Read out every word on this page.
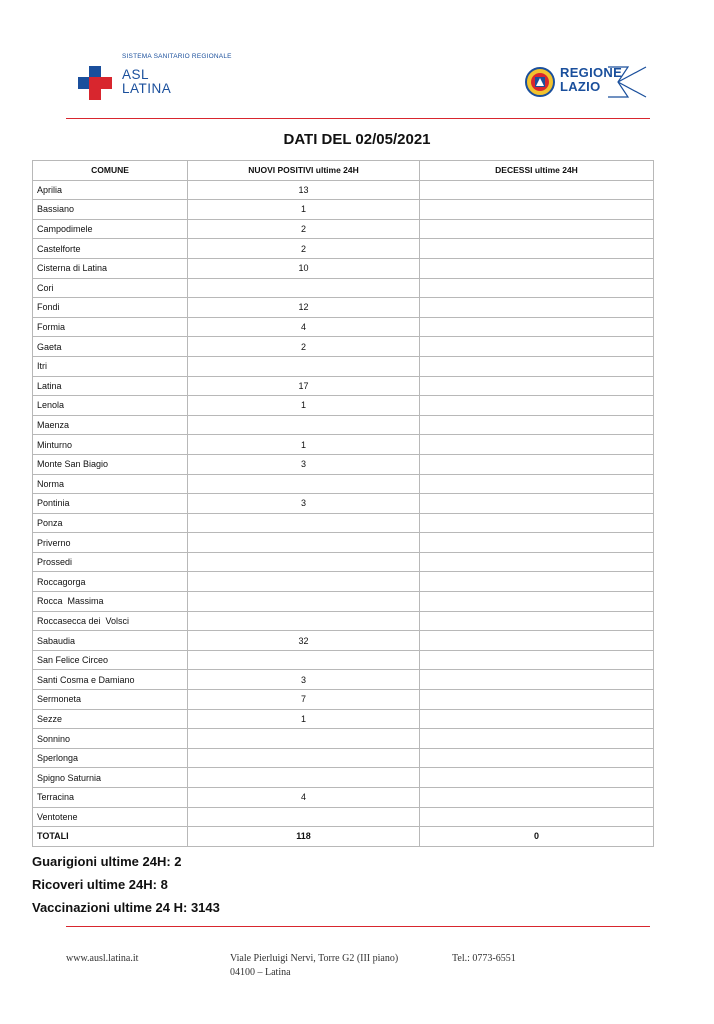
SISTEMA SANITARIO REGIONALE
ASL
LATINA
REGIONE
LAZIO
DATI DEL 02/05/2021
COMUNE	NUOVI POSITIVI ultime 24H	DECESSI ultime 24H
Aprilia	13	
Bassiano	1	
Campodimele	2	
Castelforte	2	
Cisterna di Latina	10	
Cori		
Fondi	12	
Formia	4	
Gaeta	2	
Itri		
Latina	17	
Lenola	1	
Maenza		
Minturno	1	
Monte San Biagio	3	
Norma		
Pontinia	3	
Ponza		
Priverno		
Prossedi		
Roccagorga		
Rocca  Massima		
Roccasecca dei  Volsci		
Sabaudia	32	
San Felice Circeo		
Santi Cosma e Damiano	3	
Sermoneta	7	
Sezze	1	
Sonnino		
Sperlonga		
Spigno Saturnia		
Terracina	4	
Ventotene		
TOTALI	118	0
Guarigioni ultime 24H: 2
Ricoveri ultime 24H: 8
Vaccinazioni ultime 24 H: 3143
www.ausl.latina.it	Viale Pierluigi Nervi, Torre G2 (III piano)
04100 – Latina
Tel.: 0773-6551
